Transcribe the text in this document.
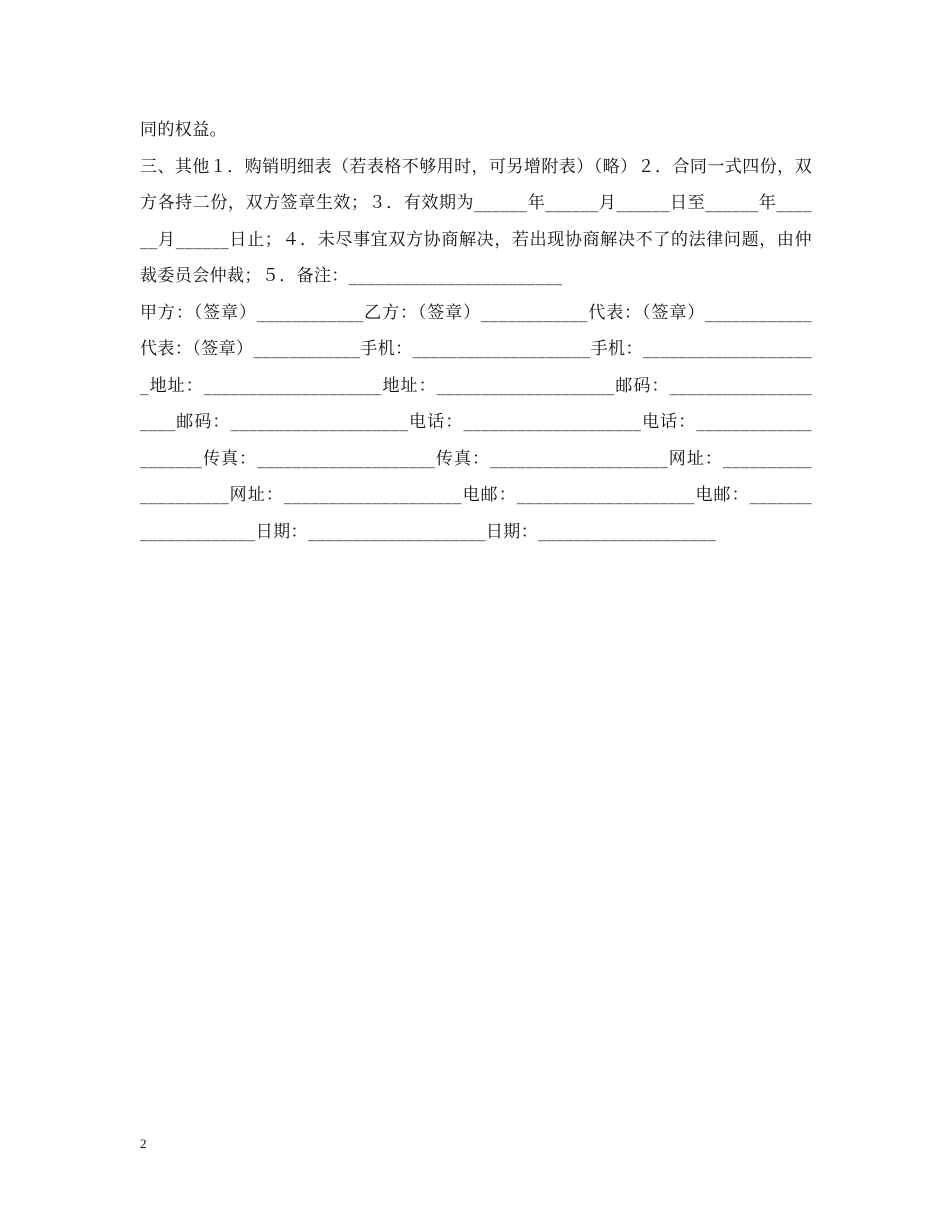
同的权益。

三、其他１．购销明细表（若表格不够用时，可另增附表）（略）２．合同一式四份，双方各持二份，双方签章生效；３．有效期为______年______月______日至______年______月______日止；４．未尽事宜双方协商解决，若出现协商解决不了的法律问题，由仲裁委员会仲裁；５．备注：________________________

甲方：（签章）____________乙方：（签章）____________代表：（签章）____________代表：（签章）____________手机：____________________手机：____________________地址：____________________地址：____________________邮码：____________________邮码：____________________电话：____________________电话：____________________传真：____________________传真：____________________网址：____________________网址：____________________电邮：____________________电邮：____________________日期：____________________日期：____________________

2
